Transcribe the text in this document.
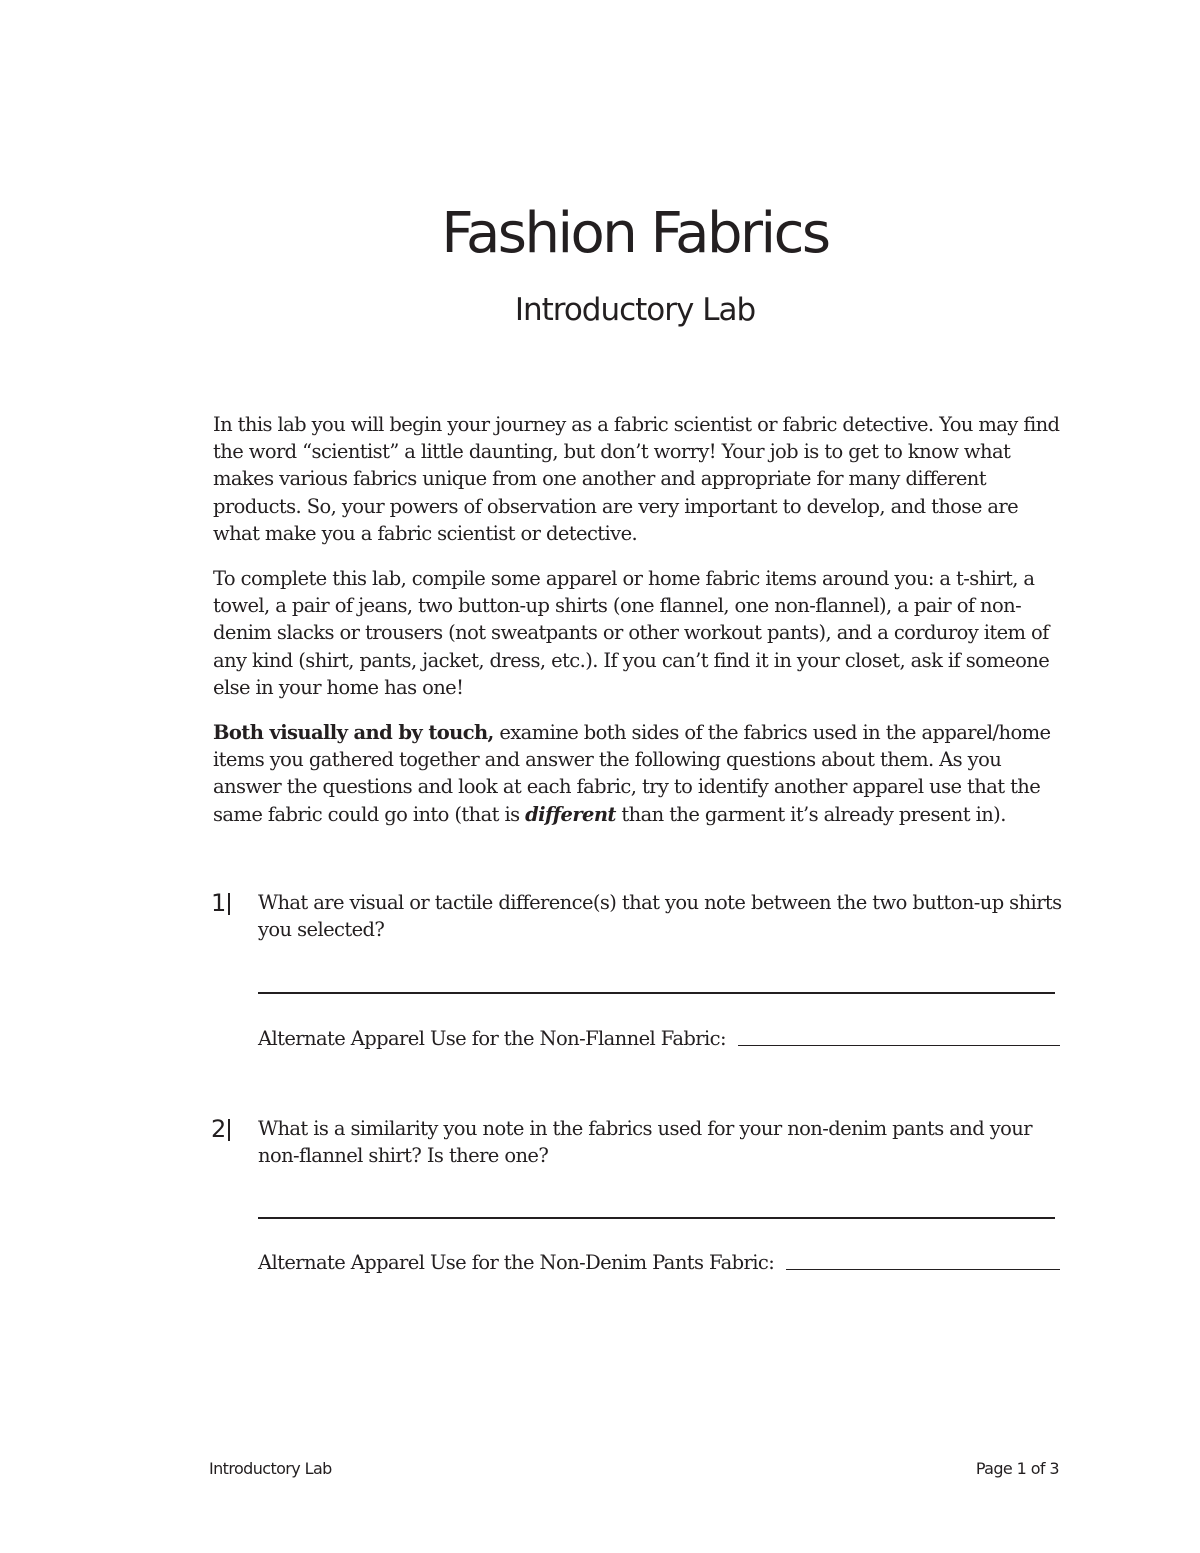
Fashion Fabrics
Introductory Lab

In this lab you will begin your journey as a fabric scientist or fabric detective. You may find the word “scientist” a little daunting, but don’t worry! Your job is to get to know what makes various fabrics unique from one another and appropriate for many different products. So, your powers of observation are very important to develop, and those are what make you a fabric scientist or detective.

To complete this lab, compile some apparel or home fabric items around you: a t-shirt, a towel, a pair of jeans, two button-up shirts (one flannel, one non-flannel), a pair of non-denim slacks or trousers (not sweatpants or other workout pants), and a corduroy item of any kind (shirt, pants, jacket, dress, etc.). If you can’t find it in your closet, ask if someone else in your home has one!

Both visually and by touch, examine both sides of the fabrics used in the apparel/home items you gathered together and answer the following questions about them. As you answer the questions and look at each fabric, try to identify another apparel use that the same fabric could go into (that is different than the garment it’s already present in).

1 What are visual or tactile difference(s) that you note between the two button-up shirts you selected?

Alternate Apparel Use for the Non-Flannel Fabric:
2 What is a similarity you note in the fabrics used for your non-denim pants and your non-flannel shirt? Is there one?

Alternate Apparel Use for the Non-Denim Pants Fabric:
Introductory Lab	Page 1 of 3
